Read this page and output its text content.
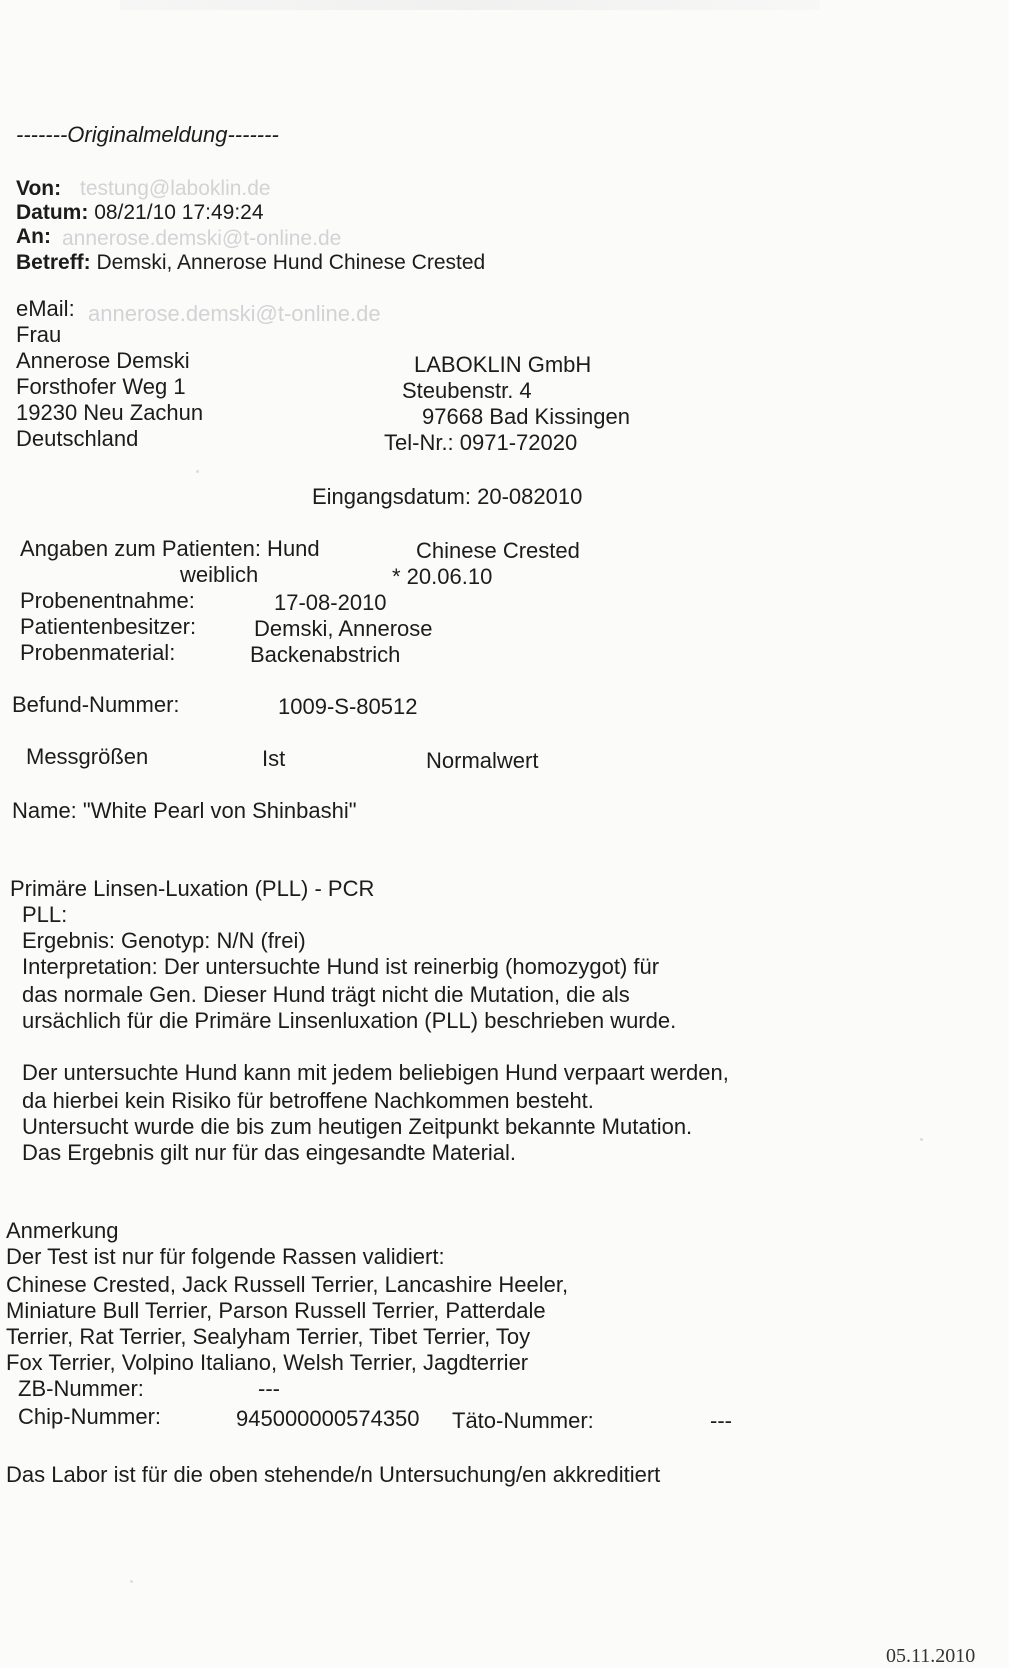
-------Originalmeldung-------
Von: testung@laboklin.de
Datum: 08/21/10 17:49:24
An: annerose.demski@t-online.de
Betreff: Demski, Annerose Hund Chinese Crested
eMail: annerose.demski@t-online.de
Frau
Annerose Demski
Forsthofer Weg 1
19230 Neu Zachun
Deutschland
LABOKLIN GmbH
Steubenstr. 4
97668 Bad Kissingen
Tel-Nr.: 0971-72020
Eingangsdatum: 20-082010
Angaben zum Patienten: Hund	Chinese Crested
weiblich	* 20.06.10
Probenentnahme:	17-08-2010
Patientenbesitzer:	Demski, Annerose
Probenmaterial:	Backenabstrich
Befund-Nummer:	1009-S-80512
Messgrößen	Ist	Normalwert
Name: "White Pearl von Shinbashi"
Primäre Linsen-Luxation (PLL) - PCR
PLL:
Ergebnis: Genotyp: N/N (frei)
Interpretation: Der untersuchte Hund ist reinerbig (homozygot) für
das normale Gen. Dieser Hund trägt nicht die Mutation, die als
ursächlich für die Primäre Linsenluxation (PLL) beschrieben wurde.
Der untersuchte Hund kann mit jedem beliebigen Hund verpaart werden,
da hierbei kein Risiko für betroffene Nachkommen besteht.
Untersucht wurde die bis zum heutigen Zeitpunkt bekannte Mutation.
Das Ergebnis gilt nur für das eingesandte Material.
Anmerkung
Der Test ist nur für folgende Rassen validiert:
Chinese Crested, Jack Russell Terrier, Lancashire Heeler,
Miniature Bull Terrier, Parson Russell Terrier, Patterdale
Terrier, Rat Terrier, Sealyham Terrier, Tibet Terrier, Toy
Fox Terrier, Volpino Italiano, Welsh Terrier, Jagdterrier
ZB-Nummer:	---
Chip-Nummer:	945000000574350 Täto-Nummer:	---
Das Labor ist für die oben stehende/n Untersuchung/en akkreditiert
05.11.2010
